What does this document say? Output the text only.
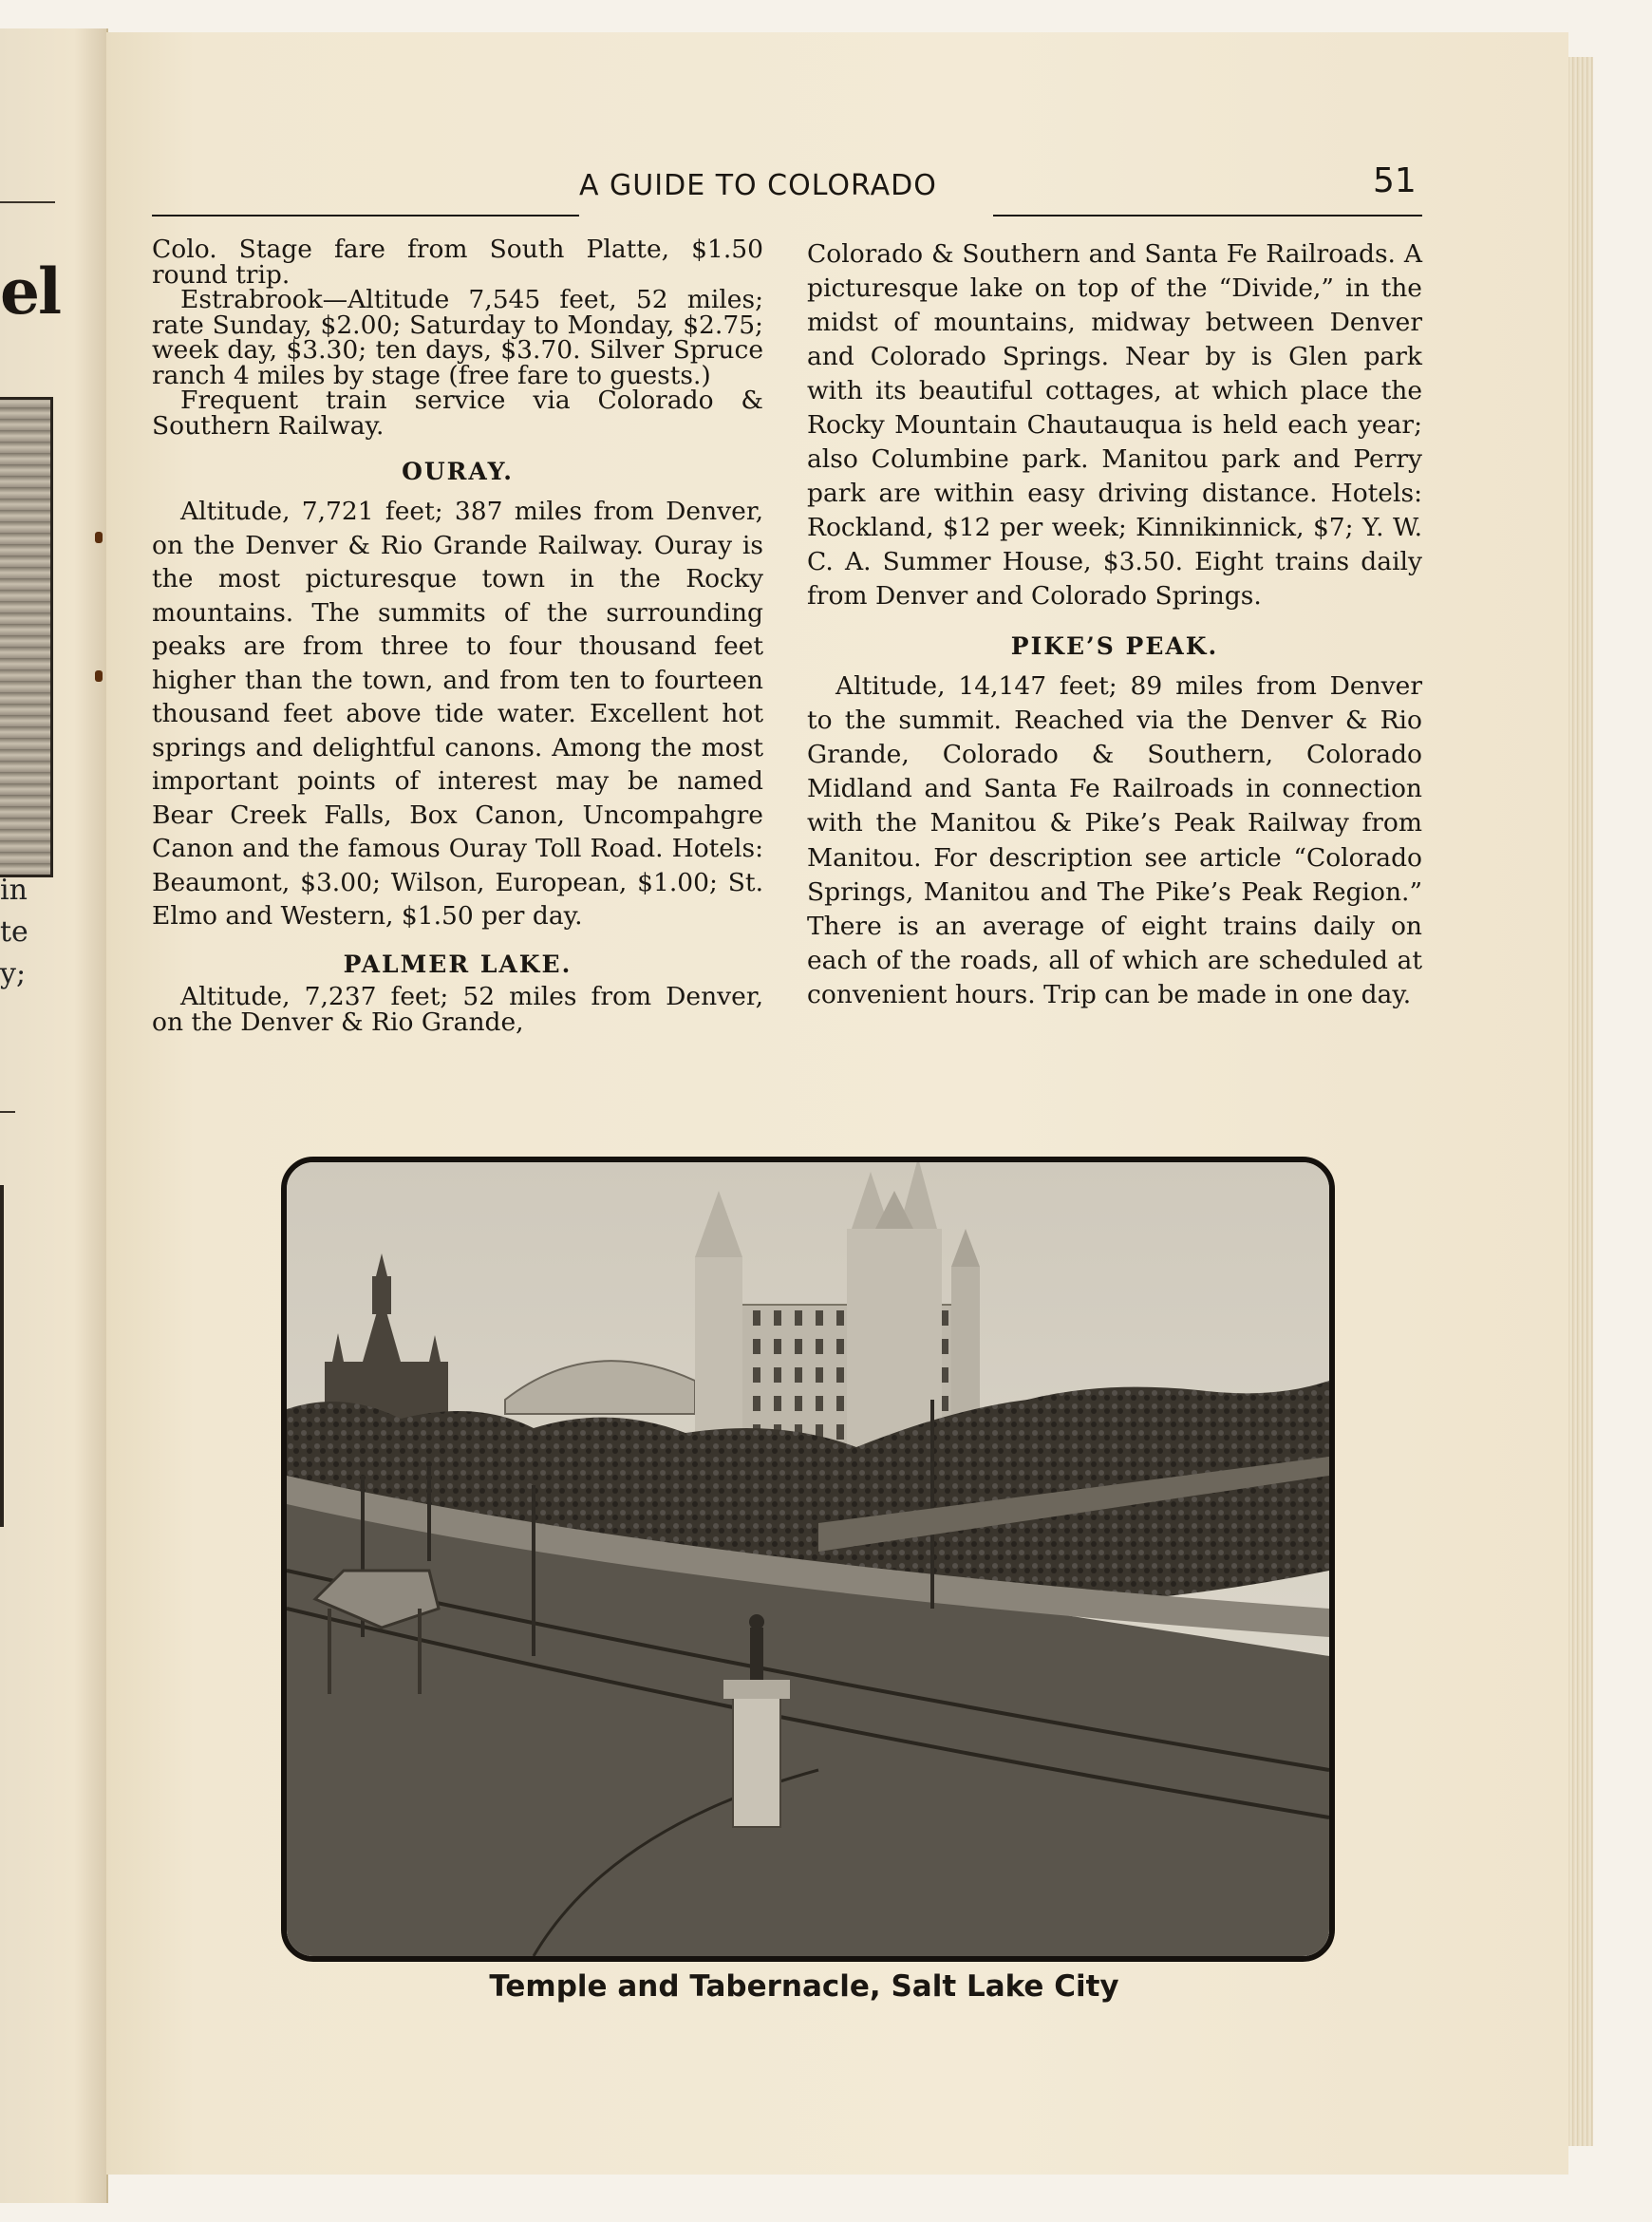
el
in
te
y;
A GUIDE TO COLORADO	51

Colo. Stage fare from South Platte, $1.50 round trip.

Estrabrook—Altitude 7,545 feet, 52 miles; rate Sunday, $2.00; Saturday to Monday, $2.75; week day, $3.30; ten days, $3.70. Silver Spruce ranch 4 miles by stage (free fare to guests.)

Frequent train service via Colorado & Southern Railway.

OURAY.

Altitude, 7,721 feet; 387 miles from Denver, on the Denver & Rio Grande Railway. Ouray is the most picturesque town in the Rocky mountains. The summits of the surrounding peaks are from three to four thousand feet higher than the town, and from ten to fourteen thousand feet above tide water. Excellent hot springs and delightful canons. Among the most important points of interest may be named Bear Creek Falls, Box Canon, Uncompahgre Canon and the famous Ouray Toll Road. Hotels: Beaumont, $3.00; Wilson, European, $1.00; St. Elmo and Western, $1.50 per day.

PALMER LAKE.

Altitude, 7,237 feet; 52 miles from Denver, on the Denver & Rio Grande,

Colorado & Southern and Santa Fe Railroads. A picturesque lake on top of the “Divide,” in the midst of mountains, midway between Denver and Colorado Springs. Near by is Glen park with its beautiful cottages, at which place the Rocky Mountain Chautauqua is held each year; also Columbine park. Manitou park and Perry park are within easy driving distance. Hotels: Rockland, $12 per week; Kinnikinnick, $7; Y. W. C. A. Summer House, $3.50. Eight trains daily from Denver and Colorado Springs.

PIKE’S PEAK.

Altitude, 14,147 feet; 89 miles from Denver to the summit. Reached via the Denver & Rio Grande, Colorado & Southern, Colorado Midland and Santa Fe Railroads in connection with the Manitou & Pike’s Peak Railway from Manitou. For description see article “Colorado Springs, Manitou and The Pike’s Peak Region.” There is an average of eight trains daily on each of the roads, all of which are scheduled at convenient hours. Trip can be made in one day.

Temple and Tabernacle, Salt Lake City
